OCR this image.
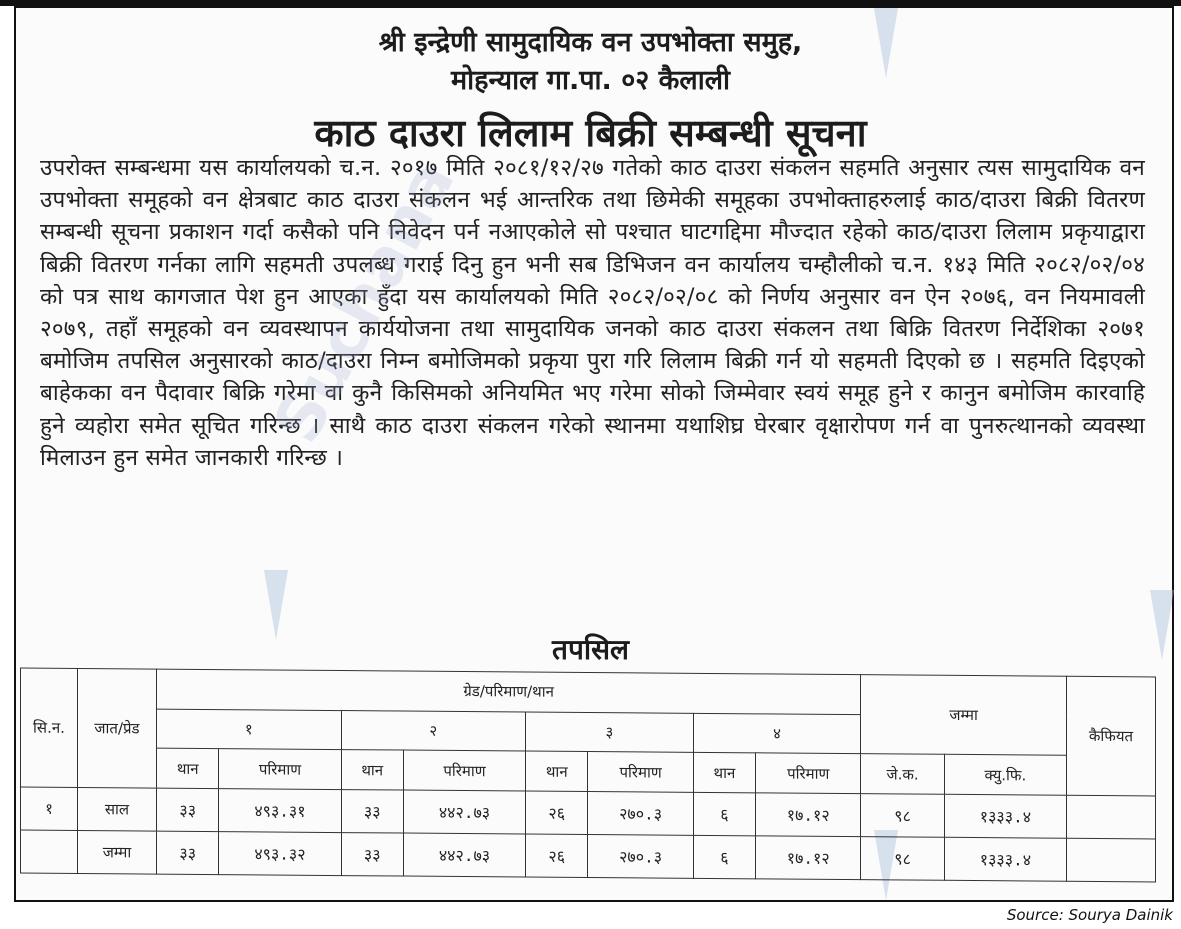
श्री इन्द्रेणी सामुदायिक वन उपभोक्ता समुह,
मोहन्याल गा.पा. ०२ कैलाली
काठ दाउरा लिलाम बिक्री सम्बन्धी सूचना
उपरोक्त सम्बन्धमा यस कार्यालयको च.न. २०१७ मिति २०८१/१२/२७ गतेको काठ दाउरा संकलन सहमति अनुसार त्यस सामुदायिक वन उपभोक्ता समूहको वन क्षेत्रबाट काठ दाउरा संकलन भई आन्तरिक तथा छिमेकी समूहका उपभोक्ताहरुलाई काठ/दाउरा बिक्री वितरण सम्बन्धी सूचना प्रकाशन गर्दा कसैको पनि निवेदन पर्न नआएकोले सो पश्चात घाटगद्दिमा मौज्दात रहेको काठ/दाउरा लिलाम प्रकृयाद्वारा बिक्री वितरण गर्नका लागि सहमती उपलब्ध गराई दिनु हुन भनी सब डिभिजन वन कार्यालय चम्हौलीको च.न. १४३ मिति २०८२/०२/०४ को पत्र साथ कागजात पेश हुन आएका हुँदा यस कार्यालयको मिति २०८२/०२/०८ को निर्णय अनुसार वन ऐन २०७६, वन नियमावली २०७९, तहाँ समूहको वन व्यवस्थापन कार्ययोजना तथा सामुदायिक जनको काठ दाउरा संकलन तथा बिक्रि वितरण निर्देशिका २०७१ बमोजिम तपसिल अनुसारको काठ/दाउरा निम्न बमोजिमको प्रकृया पुरा गरि लिलाम बिक्री गर्न यो सहमती दिएको छ । सहमति दिइएको बाहेकका वन पैदावार बिक्रि गरेमा वा कुनै किसिमको अनियमित भए गरेमा सोको जिम्मेवार स्वयं समूह हुने र कानुन बमोजिम कारवाहि हुने व्यहोरा समेत सूचित गरिन्छ । साथै काठ दाउरा संकलन गरेको स्थानमा यथाशिघ्र घेरबार वृक्षारोपण गर्न वा पुनरुत्थानको व्यवस्था मिलाउन हुन समेत जानकारी गरिन्छ ।
Suchana
तपसिल
सि.न.	जात/प्रेड	ग्रेड/परिमाण/थान								जम्मा		कैफियत
		१		२		३		४				
		थान	परिमाण	थान	परिमाण	थान	परिमाण	थान	परिमाण	जे.क.	क्यु.फि.	
१	साल	३३	४९३.३१	३३	४४२.७३	२६	२७०.३	६	१७.१२	९८	१३३३.४	
	जम्मा	३३	४९३.३२	३३	४४२.७३	२६	२७०.३	६	१७.१२	९८	१३३३.४	
Source: Sourya Dainik
